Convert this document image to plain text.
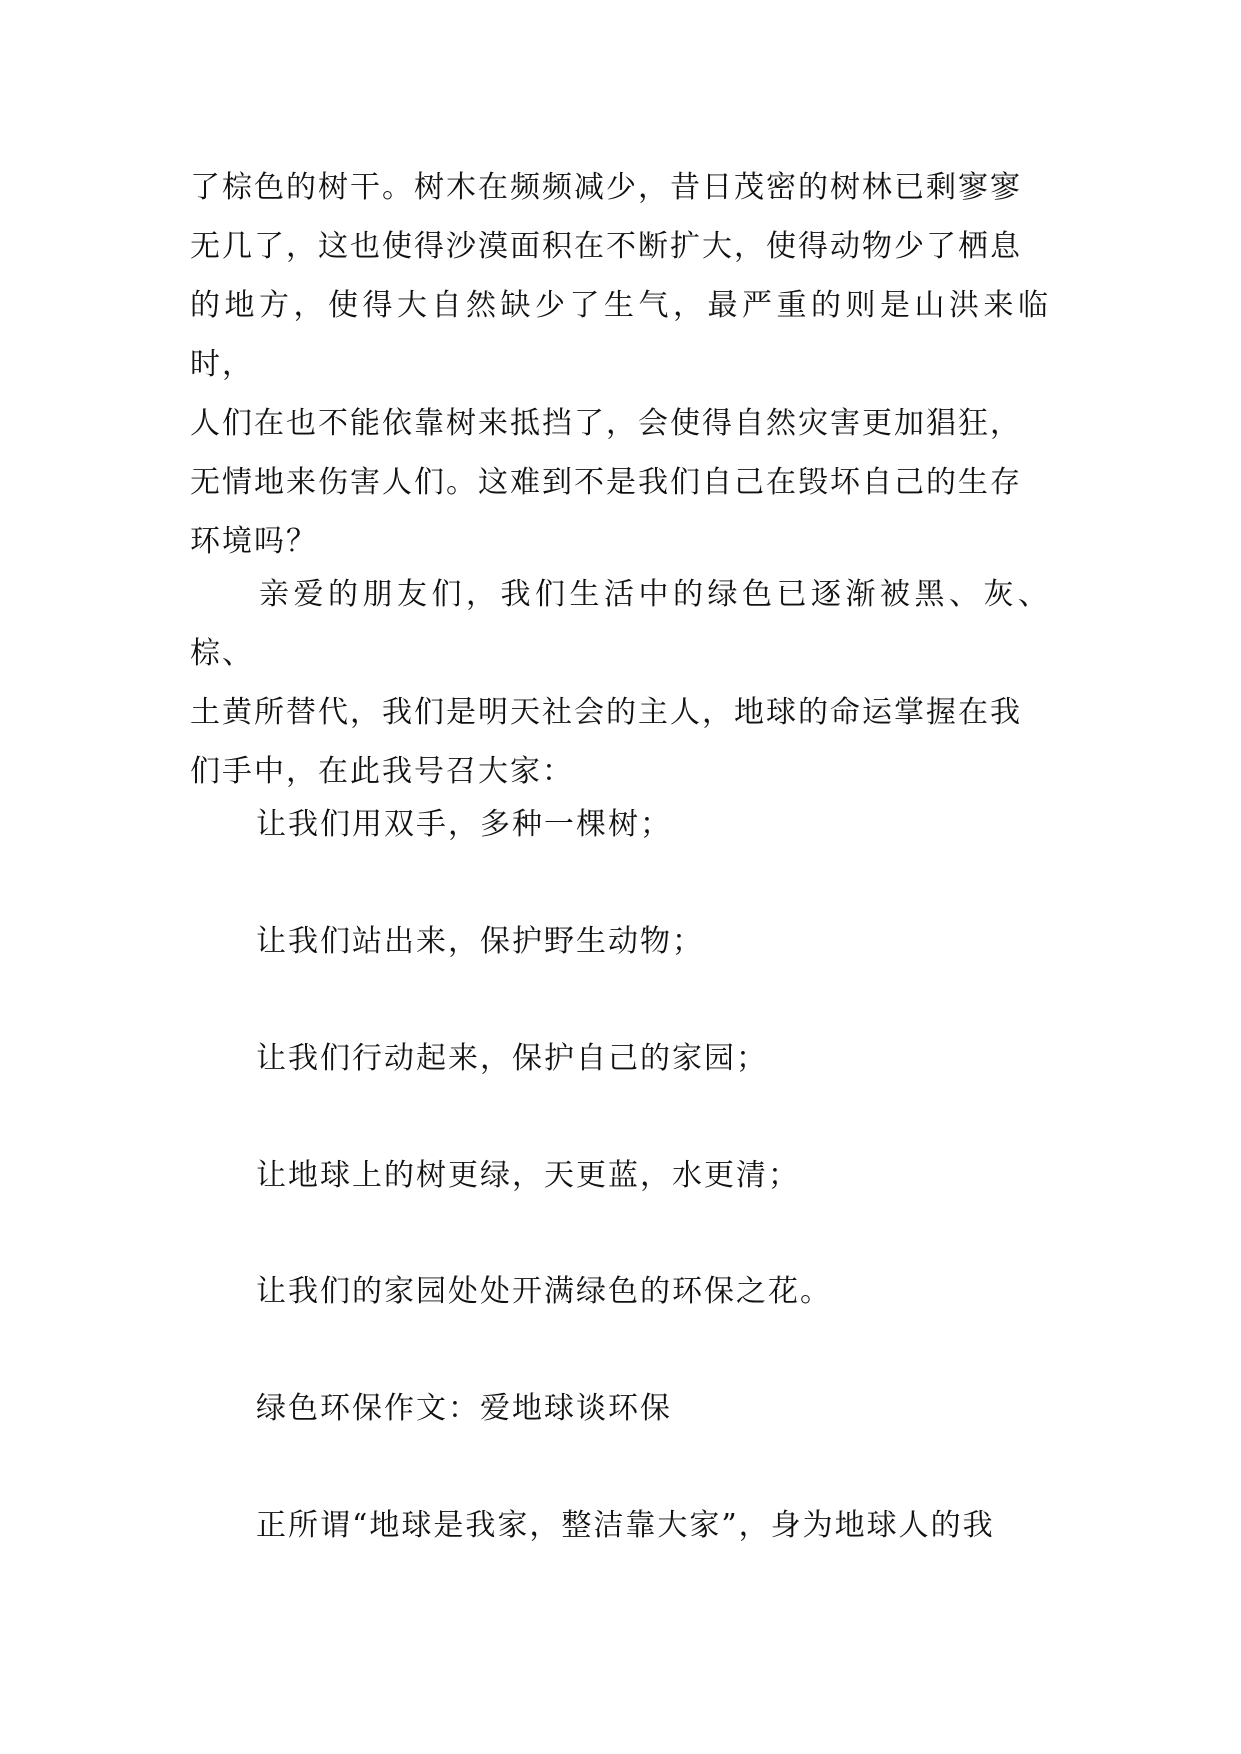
了棕色的树干。树木在频频减少，昔日茂密的树林已剩寥寥
无几了，这也使得沙漠面积在不断扩大，使得动物少了栖息
的地方，使得大自然缺少了生气，最严重的则是山洪来临时，
人们在也不能依靠树来抵挡了，会使得自然灾害更加猖狂，
无情地来伤害人们。这难到不是我们自己在毁坏自己的生存
环境吗？

　　亲爱的朋友们，我们生活中的绿色已逐渐被黑、灰、棕、
土黄所替代，我们是明天社会的主人，地球的命运掌握在我
们手中，在此我号召大家：

让我们用双手，多种一棵树；

让我们站出来，保护野生动物；

让我们行动起来，保护自己的家园；

让地球上的树更绿，天更蓝，水更清；

让我们的家园处处开满绿色的环保之花。

绿色环保作文：爱地球谈环保

正所谓“地球是我家，整洁靠大家”，身为地球人的我
